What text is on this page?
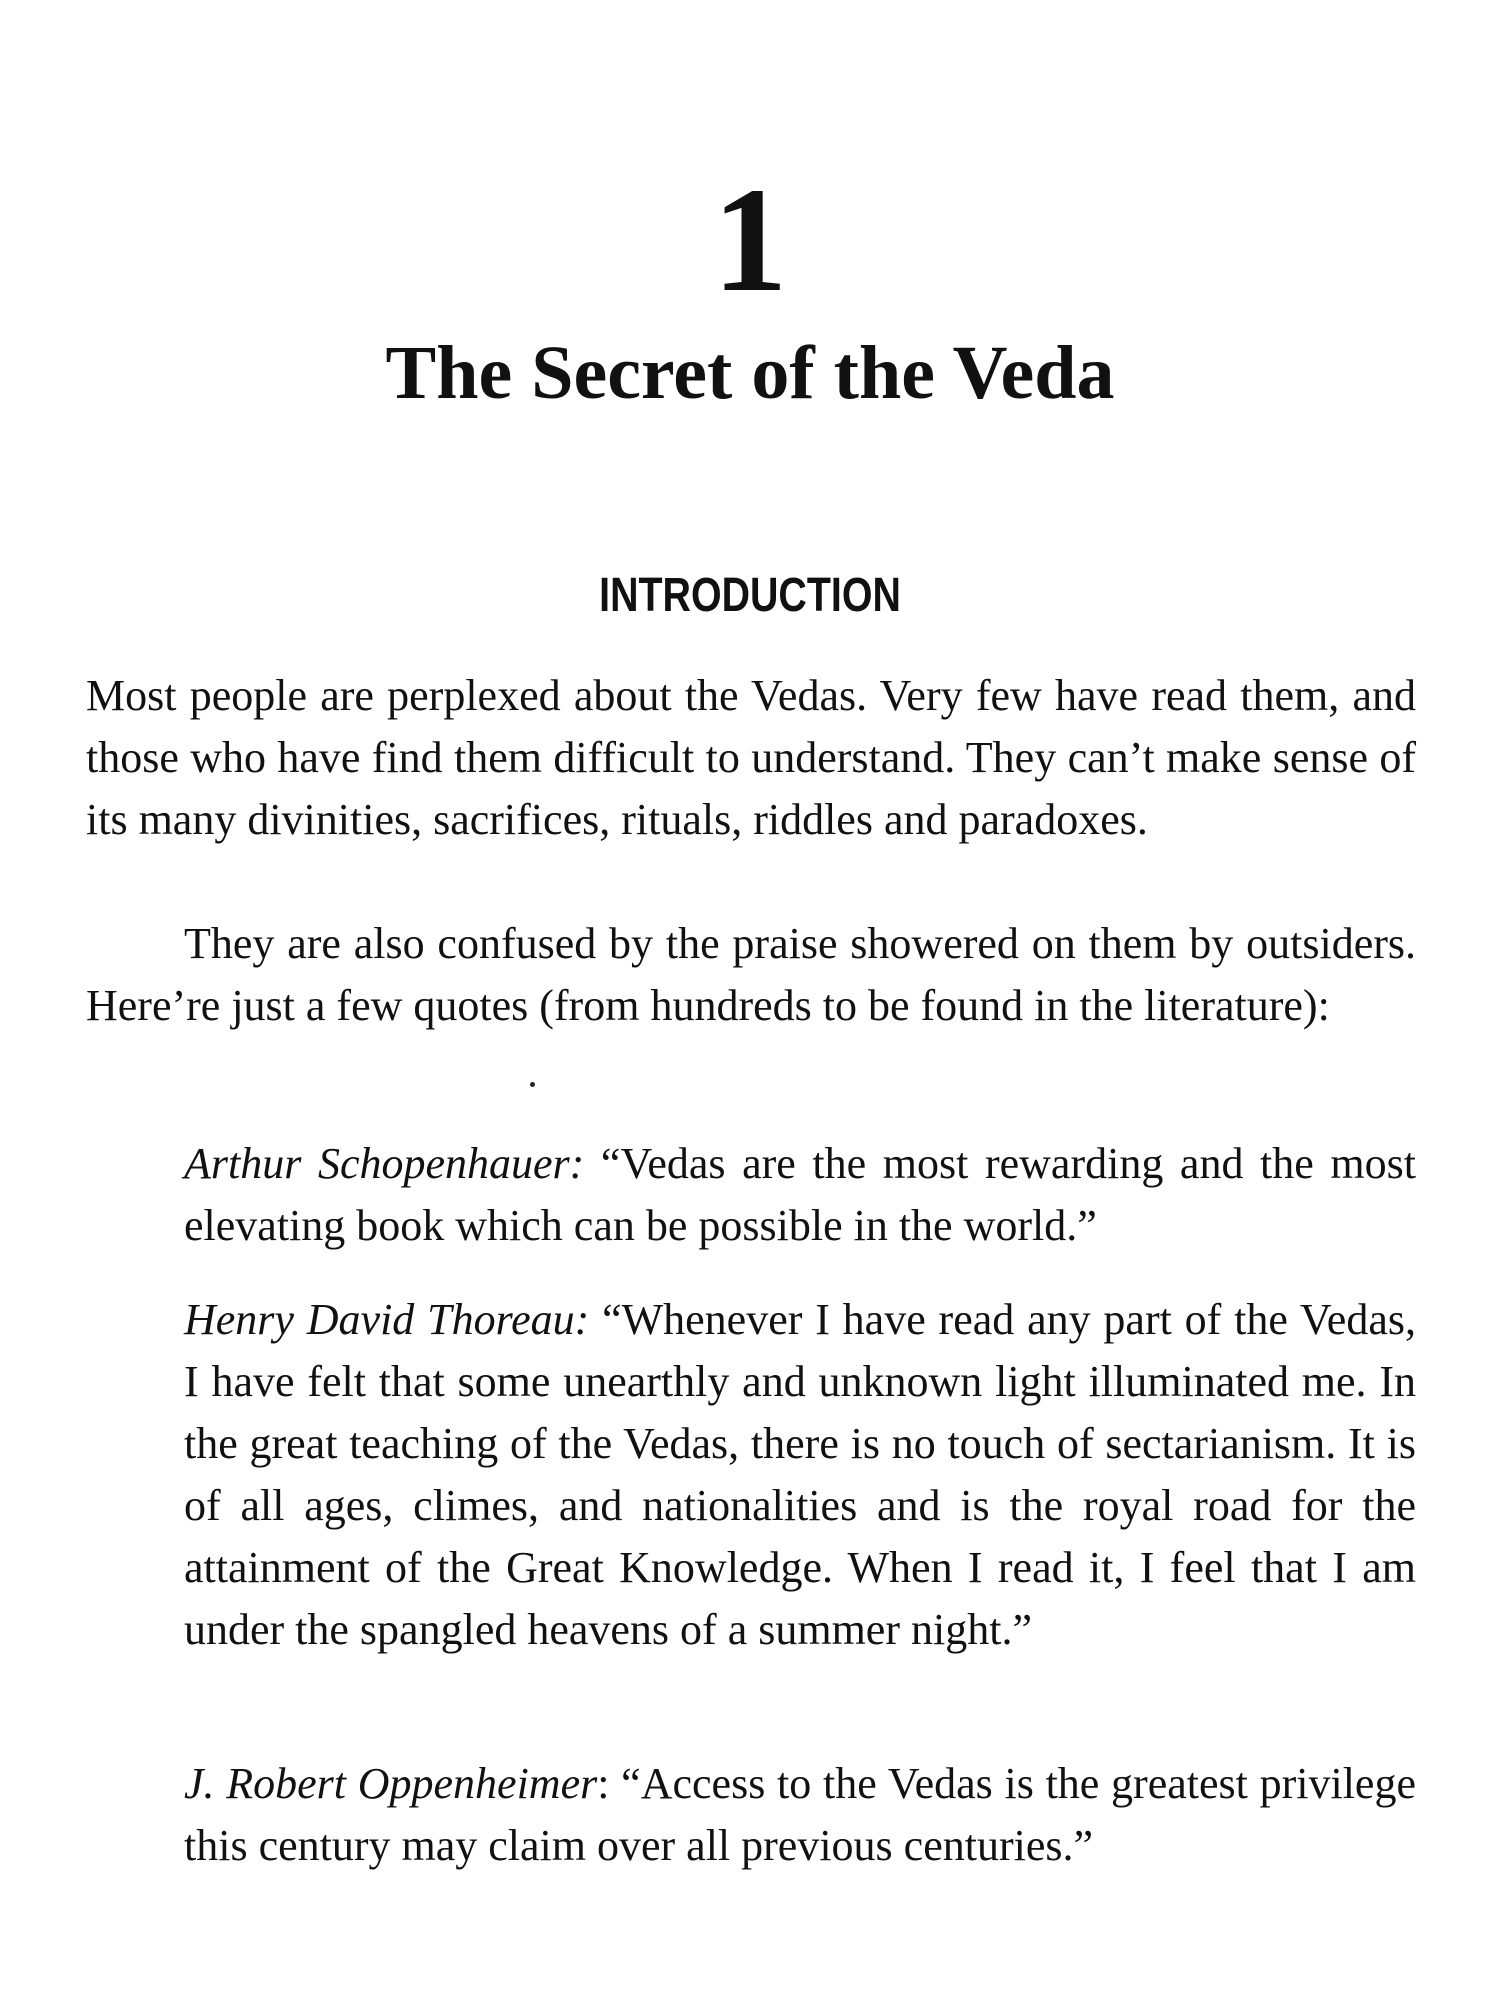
1
The Secret of the Veda
INTRODUCTION

Most people are perplexed about the Vedas. Very few have read them, and those who have find them difficult to understand. They can’t make sense of its many divinities, sacrifices, rituals, riddles and paradoxes.

They are also confused by the praise showered on them by outsiders. Here’re just a few quotes (from hundreds to be found in the literature):

Arthur Schopenhauer: “Vedas are the most rewarding and the most elevating book which can be possible in the world.”

Henry David Thoreau: “Whenever I have read any part of the Vedas, I have felt that some unearthly and unknown light illuminated me. In the great teaching of the Vedas, there is no touch of sectarianism. It is of all ages, climes, and nationalities and is the royal road for the attainment of the Great Knowledge. When I read it, I feel that I am under the spangled heavens of a summer night.”

J. Robert Oppenheimer: “Access to the Vedas is the greatest privilege this century may claim over all previous centuries.”
